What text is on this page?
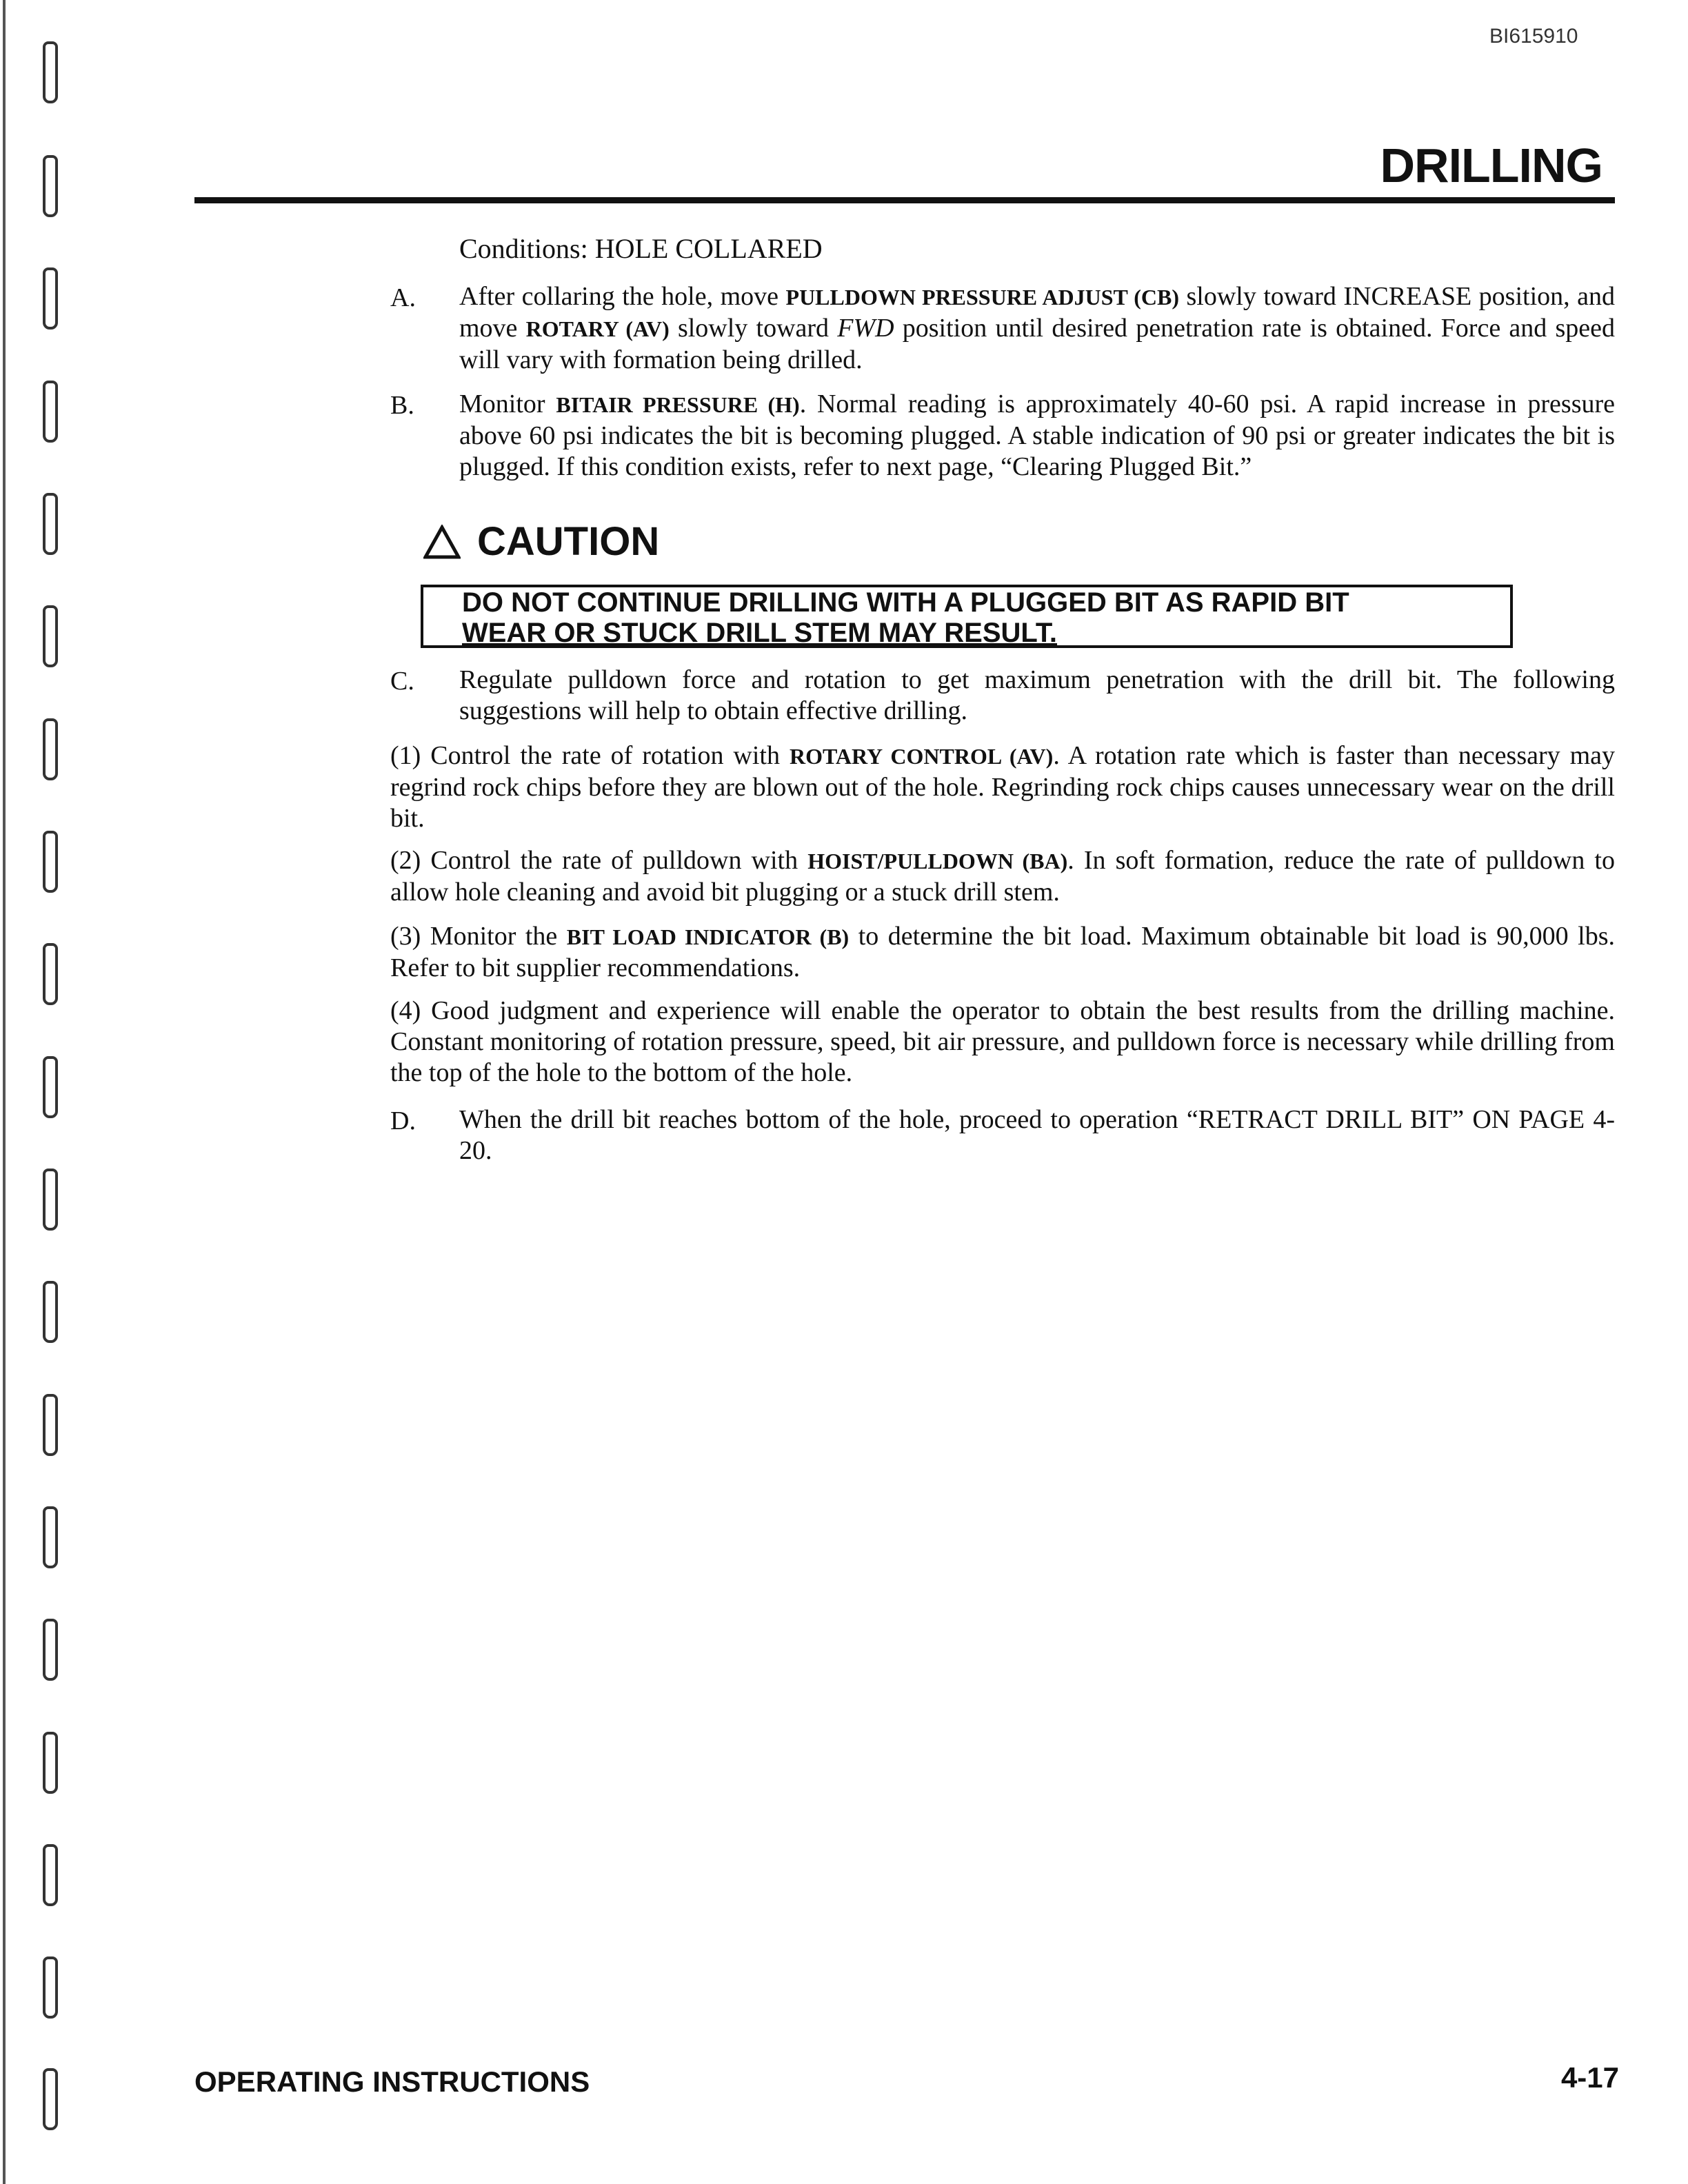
BI615910
DRILLING
Conditions: HOLE COLLARED
A. After collaring the hole, move PULLDOWN PRESSURE ADJUST (CB) slowly toward INCREASE position, and move ROTARY (AV) slowly toward FWD position until desired penetration rate is obtained. Force and speed will vary with formation being drilled.
B. Monitor BITAIR PRESSURE (H). Normal reading is approximately 40-60 psi. A rapid increase in pressure above 60 psi indicates the bit is becoming plugged. A stable indication of 90 psi or greater indicates the bit is plugged. If this condition exists, refer to next page, “Clearing Plugged Bit.”
CAUTION
DO NOT CONTINUE DRILLING WITH A PLUGGED BIT AS RAPID BIT
WEAR OR STUCK DRILL STEM MAY RESULT.
C. Regulate pulldown force and rotation to get maximum penetration with the drill bit. The following suggestions will help to obtain effective drilling.
(1) Control the rate of rotation with ROTARY CONTROL (AV). A rotation rate which is faster than necessary may regrind rock chips before they are blown out of the hole. Regrinding rock chips causes unnecessary wear on the drill bit.
(2) Control the rate of pulldown with HOIST/PULLDOWN (BA). In soft formation, reduce the rate of pulldown to allow hole cleaning and avoid bit plugging or a stuck drill stem.
(3) Monitor the BIT LOAD INDICATOR (B) to determine the bit load. Maximum obtainable bit load is 90,000 lbs. Refer to bit supplier recommendations.
(4) Good judgment and experience will enable the operator to obtain the best results from the drilling machine. Constant monitoring of rotation pressure, speed, bit air pressure, and pulldown force is necessary while drilling from the top of the hole to the bottom of the hole.
D. When the drill bit reaches bottom of the hole, proceed to operation “RETRACT DRILL BIT” ON PAGE 4-20.
OPERATING INSTRUCTIONS	4-17
